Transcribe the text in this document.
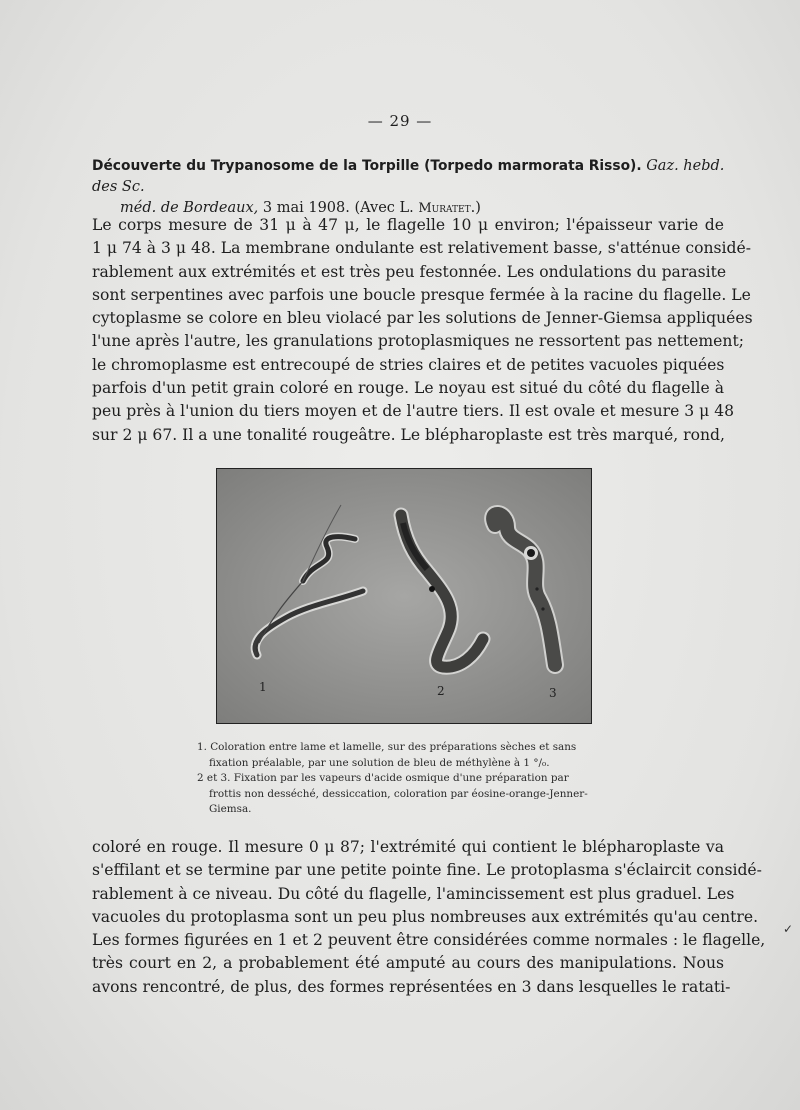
— 29 —
Découverte du Trypanosome de la Torpille (Torpedo marmorata Risso). Gaz. hebd. des Sc.
méd. de Bordeaux, 3 mai 1908. (Avec L. Muratet.)
Le corps mesure de 31 μ à 47 μ, le flagelle 10 μ environ; l'épaisseur varie de
1 μ 74 à 3 μ 48. La membrane ondulante est relativement basse, s'atténue considé-
rablement aux extrémités et est très peu festonnée. Les ondulations du parasite
sont serpentines avec parfois une boucle presque fermée à la racine du flagelle. Le
cytoplasme se colore en bleu violacé par les solutions de Jenner-Giemsa appliquées
l'une après l'autre, les granulations protoplasmiques ne ressortent pas nettement;
le chromoplasme est entrecoupé de stries claires et de petites vacuoles piquées
parfois d'un petit grain coloré en rouge. Le noyau est situé du côté du flagelle à
peu près à l'union du tiers moyen et de l'autre tiers. Il est ovale et mesure 3 μ 48
sur 2 μ 67. Il a une tonalité rougeâtre. Le blépharoplaste est très marqué, rond,
1	2	3
1. Coloration entre lame et lamelle, sur des préparations sèches et sans
fixation préalable, par une solution de bleu de méthylène à 1 °/₀.
2 et 3. Fixation par les vapeurs d'acide osmique d'une préparation par
frottis non desséché, dessiccation, coloration par éosine-orange-Jenner-
Giemsa.
coloré en rouge. Il mesure 0 μ 87; l'extrémité qui contient le blépharoplaste va
s'effilant et se termine par une petite pointe fine. Le protoplasma s'éclaircit considé-
rablement à ce niveau. Du côté du flagelle, l'amincissement est plus graduel. Les
vacuoles du protoplasma sont un peu plus nombreuses aux extrémités qu'au centre.
Les formes figurées en 1 et 2 peuvent être considérées comme normales : le flagelle,
très court en 2, a probablement été amputé au cours des manipulations. Nous
avons rencontré, de plus, des formes représentées en 3 dans lesquelles le ratati-
✓
